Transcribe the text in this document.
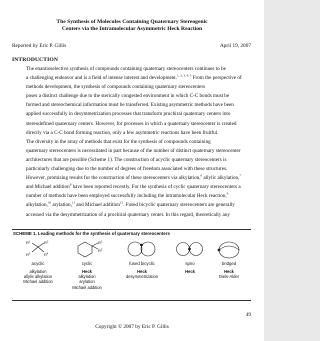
The Synthesis of Molecules Containing Quaternary Stereogenic
Centers via the Intramolecular Asymmetric Heck Reaction
Reported by Eric P. Gillis	April 19, 2007
INTRODUCTION

The enantioselective synthesis of compounds containing quaternary stereocenters continues to be
a challenging endeavor and is a field of intense interest and development.$^{1, 2, 3, 4, 5}$ From the perspective of
methods development, the synthesis of compounds containing quaternary stereocenters
poses a distinct challenge due to the sterically congested environment in which C-C bonds must be
formed and stereochemical information must be transferred. Existing asymmetric methods have been
applied successfully in desymmetrization processes that transform prochiral quaternary centers into
stereodefined quaternary centers. However, for processes in which a quaternary stereocenter is created
directly via a C-C bond forming reaction, only a few asymmetric reactions have been fruitful.

The diversity in the array of methods that exist for the synthesis of compounds containing
quaternary stereocenters is necessitated in part because of the number of distinct quaternary stereocenter
architectures that are possible (Scheme 1). The construction of acyclic quaternary stereocenters is
particularly challenging due to the number of degrees of freedom associated with these structures.
However, promising results for the construction of these stereocenters via alkylation,$^6$ allylic alkylation,$^7$
and Michael addition$^8$ have been reported recently. For the synthesis of cyclic quaternary stereocenters a
number of methods have been employed successfully including the intramolecular Heck reaction,$^9$
alkylation,$^{10}$ arylation,$^{11}$ and Michael addition$^{12}$. Fused bicyclic quaternary stereocenters are generally
accessed via the desymmetrization of a prochiral quaternary center. In this regard, theoretically any

SCHEME 1. Leading methods for the synthesis of quaternary stereocenters
$R^1$	$R^2$
$R^3$	$R^4$
$R^1$
$R^2$
acyclic	cyclic	fused bicyclic	spiro	bridged
alkylation
allylic alkylation
Michael addition
Heck
alkylation
arylation
Michael addition
Heck
desymmetrization
Heck	Heck
Diels-Alder
49
Copyright © 2007 by Eric P. Gillis
